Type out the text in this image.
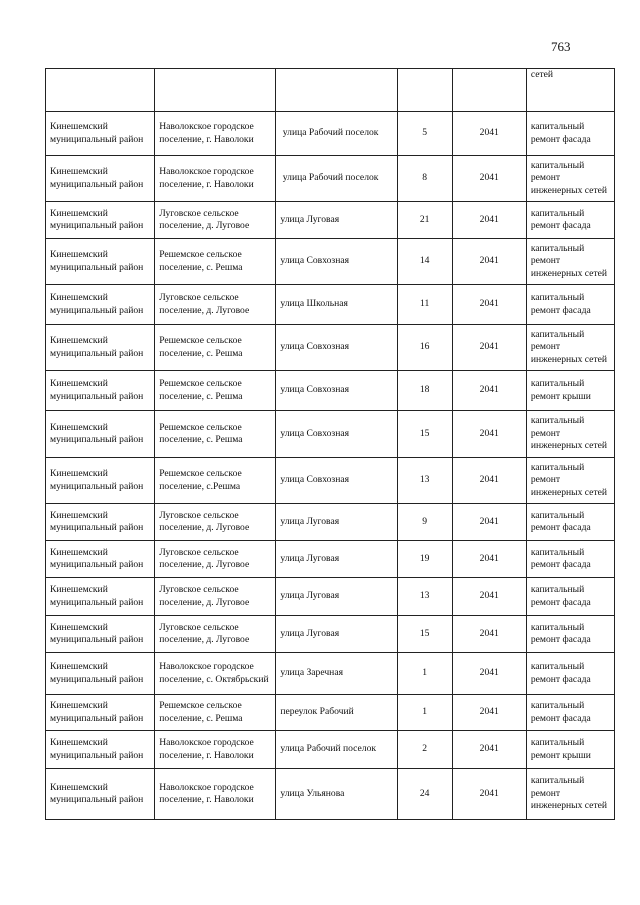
763
					сетей
Кинешемский муниципальный район	Наволокское городское поселение, г. Наволоки	улица Рабочий поселок	5	2041	капитальный ремонт фасада
Кинешемский муниципальный район	Наволокское городское поселение, г. Наволоки	улица Рабочий поселок	8	2041	капитальный ремонт инженерных сетей
Кинешемский муниципальный район	Луговское сельское поселение, д. Луговое	улица Луговая	21	2041	капитальный ремонт фасада
Кинешемский муниципальный район	Решемское сельское поселение, с. Решма	улица Совхозная	14	2041	капитальный ремонт инженерных сетей
Кинешемский муниципальный район	Луговское сельское поселение, д. Луговое	улица Школьная	11	2041	капитальный ремонт фасада
Кинешемский муниципальный район	Решемское сельское поселение, с. Решма	улица Совхозная	16	2041	капитальный ремонт инженерных сетей
Кинешемский муниципальный район	Решемское сельское поселение, с. Решма	улица Совхозная	18	2041	капитальный ремонт крыши
Кинешемский муниципальный район	Решемское сельское поселение, с. Решма	улица Совхозная	15	2041	капитальный ремонт инженерных сетей
Кинешемский муниципальный район	Решемское сельское поселение, с.Решма	улица Совхозная	13	2041	капитальный ремонт инженерных сетей
Кинешемский муниципальный район	Луговское сельское поселение, д. Луговое	улица Луговая	9	2041	капитальный ремонт фасада
Кинешемский муниципальный район	Луговское сельское поселение, д. Луговое	улица Луговая	19	2041	капитальный ремонт фасада
Кинешемский муниципальный район	Луговское сельское поселение, д. Луговое	улица Луговая	13	2041	капитальный ремонт фасада
Кинешемский муниципальный район	Луговское сельское поселение, д. Луговое	улица Луговая	15	2041	капитальный ремонт фасада
Кинешемский муниципальный район	Наволокское городское поселение, с. Октябрьский	улица Заречная	1	2041	капитальный ремонт фасада
Кинешемский муниципальный район	Решемское сельское поселение, с. Решма	переулок Рабочий	1	2041	капитальный ремонт фасада
Кинешемский муниципальный район	Наволокское городское поселение, г. Наволоки	улица Рабочий поселок	2	2041	капитальный ремонт крыши
Кинешемский муниципальный район	Наволокское городское поселение, г. Наволоки	улица Ульянова	24	2041	капитальный ремонт инженерных сетей
